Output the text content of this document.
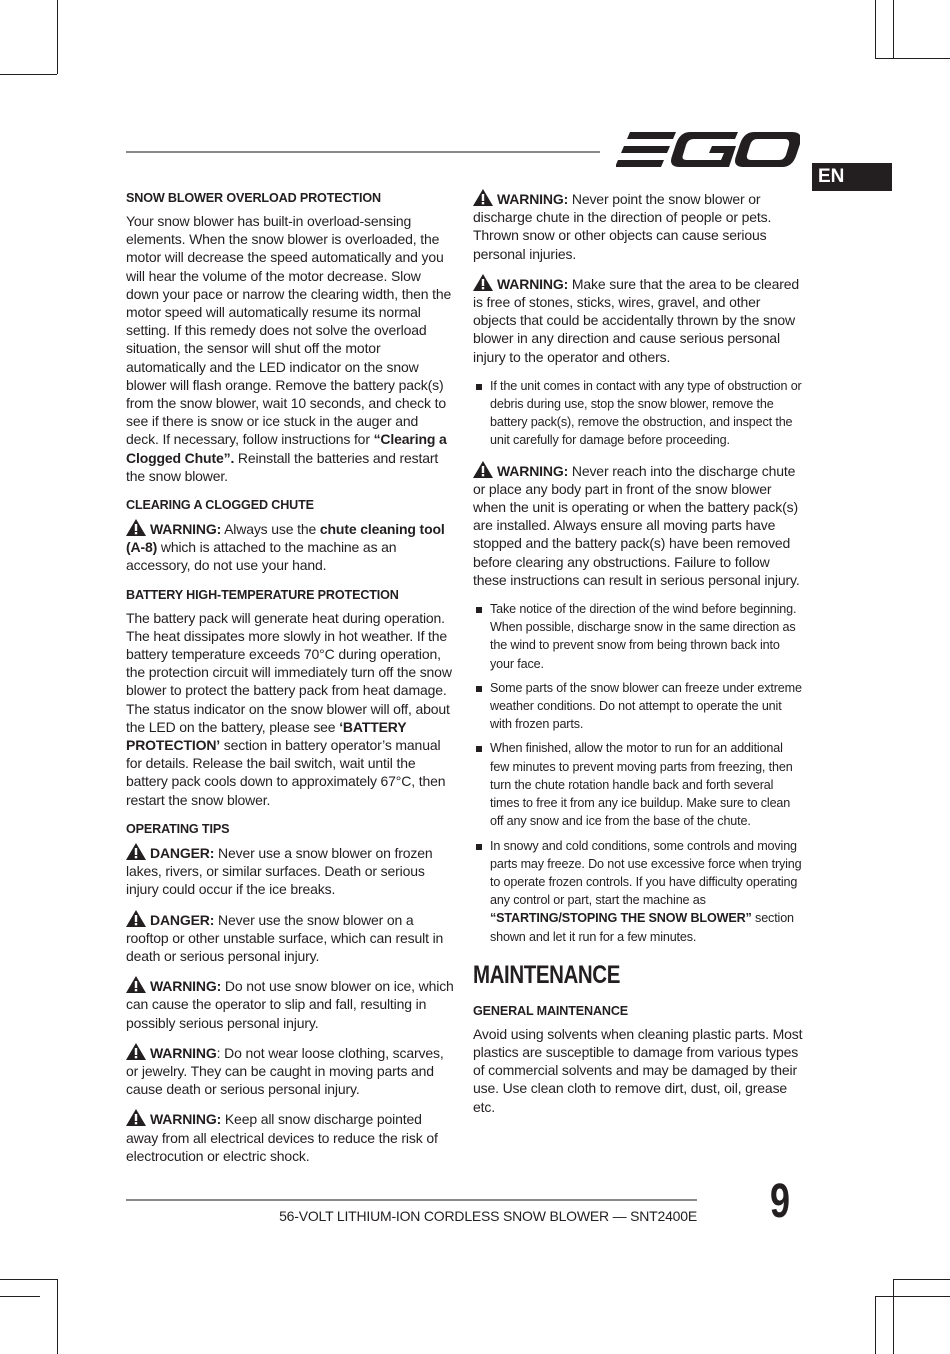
EN
SNOW BLOWER OVERLOAD PROTECTION

Your snow blower has built-in overload-sensing elements. When the snow blower is overloaded, the motor will decrease the speed automatically and you will hear the volume of the motor decrease. Slow down your pace or narrow the clearing width, then the motor speed will automatically resume its normal setting. If this remedy does not solve the overload situation, the sensor will shut off the motor automatically and the LED indicator on the snow blower will flash orange. Remove the battery pack(s) from the snow blower, wait 10 seconds, and check to see if there is snow or ice stuck in the auger and deck. If necessary, follow instructions for “Clearing a Clogged Chute”. Reinstall the batteries and restart the snow blower.

CLEARING A CLOGGED CHUTE

WARNING: Always use the chute cleaning tool (A-8) which is attached to the machine as an accessory, do not use your hand.

BATTERY HIGH-TEMPERATURE PROTECTION

The battery pack will generate heat during operation. The heat dissipates more slowly in hot weather. If the battery temperature exceeds 70°C during operation, the protection circuit will immediately turn off the snow blower to protect the battery pack from heat damage. The status indicator on the snow blower will off, about the LED on the battery, please see ‘BATTERY PROTECTION’ section in battery operator’s manual for details. Release the bail switch, wait until the battery pack cools down to approximately 67°C, then restart the snow blower.

OPERATING TIPS

DANGER: Never use a snow blower on frozen lakes, rivers, or similar surfaces. Death or serious injury could occur if the ice breaks.

DANGER: Never use the snow blower on a rooftop or other unstable surface, which can result in death or serious personal injury.

WARNING: Do not use snow blower on ice, which can cause the operator to slip and fall, resulting in possibly serious personal injury.

WARNING: Do not wear loose clothing, scarves, or jewelry. They can be caught in moving parts and cause death or serious personal injury.

WARNING: Keep all snow discharge pointed away from all electrical devices to reduce the risk of electrocution or electric shock.

WARNING: Never point the snow blower or discharge chute in the direction of people or pets. Thrown snow or other objects can cause serious personal injuries.

WARNING: Make sure that the area to be cleared is free of stones, sticks, wires, gravel, and other objects that could be accidentally thrown by the snow blower in any direction and cause serious personal injury to the operator and others.

If the unit comes in contact with any type of obstruction or debris during use, stop the snow blower, remove the battery pack(s), remove the obstruction, and inspect the unit carefully for damage before proceeding.

WARNING: Never reach into the discharge chute or place any body part in front of the snow blower when the unit is operating or when the battery pack(s) are installed. Always ensure all moving parts have stopped and the battery pack(s) have been removed before clearing any obstructions. Failure to follow these instructions can result in serious personal injury.

Take notice of the direction of the wind before beginning. When possible, discharge snow in the same direction as the wind to prevent snow from being thrown back into your face.
Some parts of the snow blower can freeze under extreme weather conditions. Do not attempt to operate the unit with frozen parts.
When finished, allow the motor to run for an additional few minutes to prevent moving parts from freezing, then turn the chute rotation handle back and forth several times to free it from any ice buildup. Make sure to clean off any snow and ice from the base of the chute.
In snowy and cold conditions, some controls and moving parts may freeze. Do not use excessive force when trying to operate frozen controls. If you have difficulty operating any control or part, start the machine as “STARTING/STOPING THE SNOW BLOWER” section shown and let it run for a few minutes.
MAINTENANCE
GENERAL MAINTENANCE

Avoid using solvents when cleaning plastic parts. Most plastics are susceptible to damage from various types of commercial solvents and may be damaged by their use. Use clean cloth to remove dirt, dust, oil, grease etc.

56-VOLT LITHIUM-ION CORDLESS SNOW BLOWER — SNT2400E 9
